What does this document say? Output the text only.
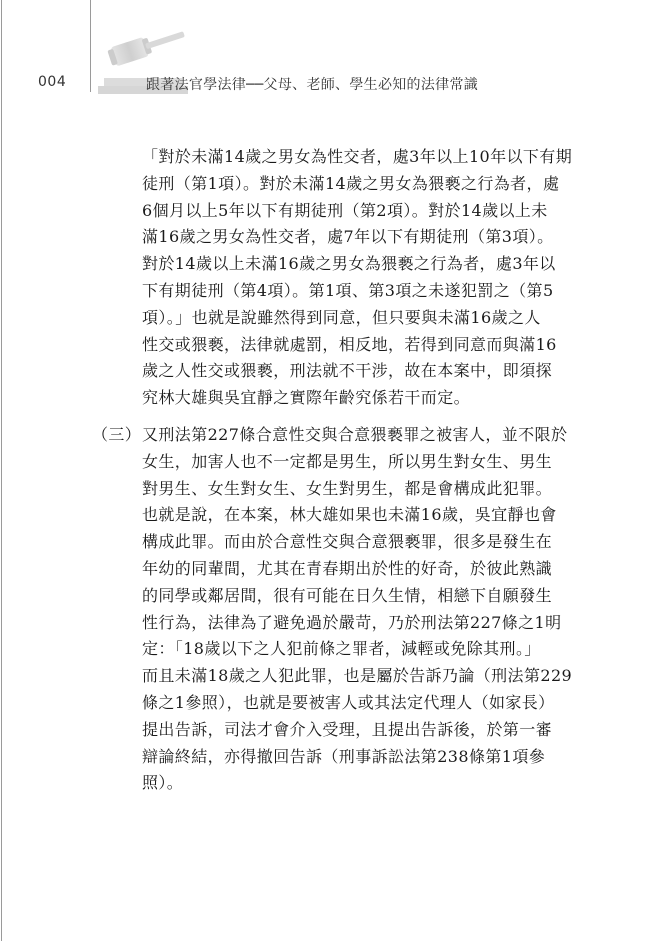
004	跟著法官學法律──父母、老師、學生必知的法律常識
「對於未滿14歲之男女為性交者，處3年以上10年以下有期
徒刑（第1項）。對於未滿14歲之男女為猥褻之行為者，處
6個月以上5年以下有期徒刑（第2項）。對於14歲以上未
滿16歲之男女為性交者，處7年以下有期徒刑（第3項）。
對於14歲以上未滿16歲之男女為猥褻之行為者，處3年以
下有期徒刑（第4項）。第1項、第3項之未遂犯罰之（第5
項）。」也就是說雖然得到同意，但只要與未滿16歲之人
性交或猥褻，法律就處罰，相反地，若得到同意而與滿16
歲之人性交或猥褻，刑法就不干涉，故在本案中，即須探
究林大雄與吳宜靜之實際年齡究係若干而定。
（三） 又刑法第227條合意性交與合意猥褻罪之被害人，並不限於
女生，加害人也不一定都是男生，所以男生對女生、男生
對男生、女生對女生、女生對男生，都是會構成此犯罪。
也就是說，在本案，林大雄如果也未滿16歲，吳宜靜也會
構成此罪。而由於合意性交與合意猥褻罪，很多是發生在
年幼的同輩間，尤其在青春期出於性的好奇，於彼此熟識
的同學或鄰居間，很有可能在日久生情，相戀下自願發生
性行為，法律為了避免過於嚴苛，乃於刑法第227條之1明
定：「18歲以下之人犯前條之罪者，減輕或免除其刑。」
而且未滿18歲之人犯此罪，也是屬於告訴乃論（刑法第229
條之1參照），也就是要被害人或其法定代理人（如家長）
提出告訴，司法才會介入受理，且提出告訴後，於第一審
辯論終結，亦得撤回告訴（刑事訴訟法第238條第1項參
照）。
